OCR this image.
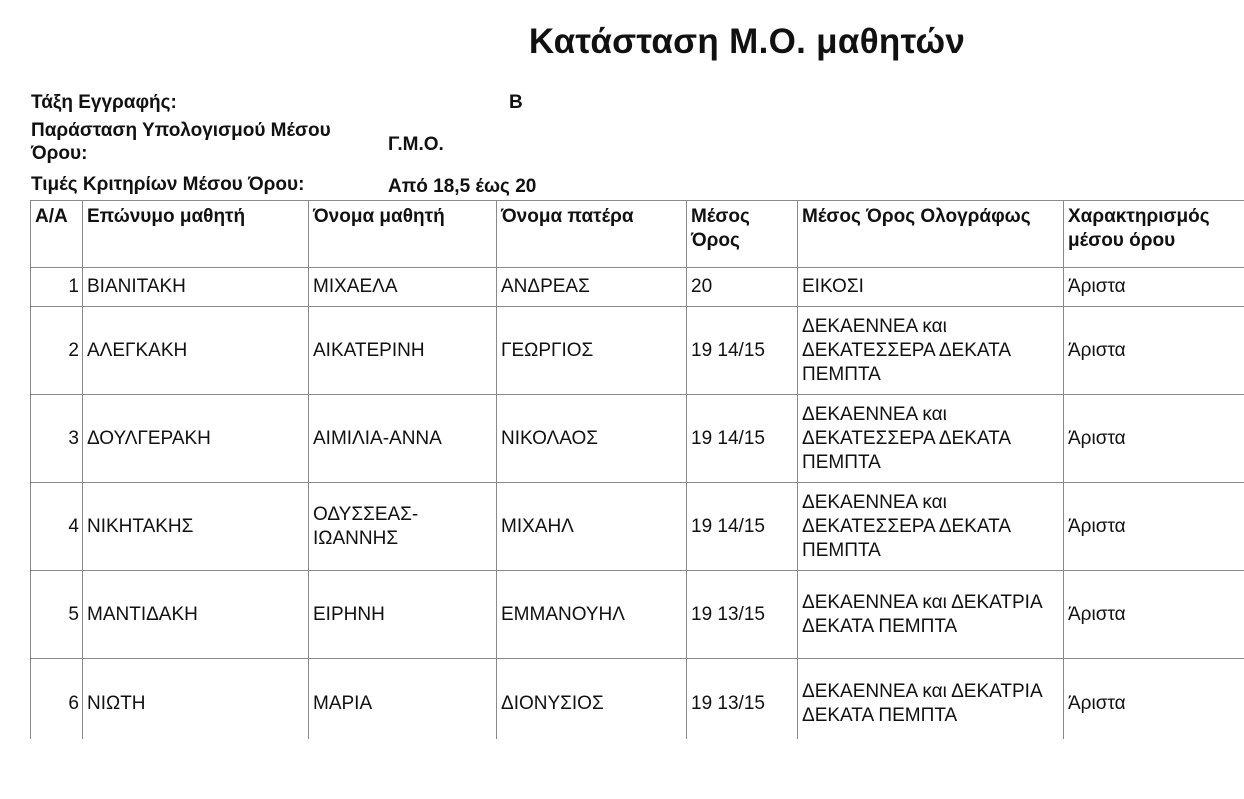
Κατάσταση Μ.Ο. μαθητών
Τάξη Εγγραφής:	Β
Παράσταση Υπολογισμού Μέσου Όρου:	Γ.Μ.Ο.
Τιμές Κριτηρίων Μέσου Όρου:	Από 18,5 έως 20
Α/Α	Επώνυμο μαθητή	Όνομα μαθητή	Όνομα πατέρα	Μέσος Όρος	Μέσος Όρος Ολογράφως	Χαρακτηρισμός μέσου όρου
1	ΒΙΑΝΙΤΑΚΗ	ΜΙΧΑΕΛΑ	ΑΝΔΡΕΑΣ	20	ΕΙΚΟΣΙ	Άριστα
2	ΑΛΕΓΚΑΚΗ	ΑΙΚΑΤΕΡΙΝΗ	ΓΕΩΡΓΙΟΣ	19 14/15	ΔΕΚΑΕΝΝΕΑ και ΔΕΚΑΤΕΣΣΕΡΑ ΔΕΚΑΤΑ ΠΕΜΠΤΑ	Άριστα
3	ΔΟΥΛΓΕΡΑΚΗ	ΑΙΜΙΛΙΑ-ΑΝΝΑ	ΝΙΚΟΛΑΟΣ	19 14/15	ΔΕΚΑΕΝΝΕΑ και ΔΕΚΑΤΕΣΣΕΡΑ ΔΕΚΑΤΑ ΠΕΜΠΤΑ	Άριστα
4	ΝΙΚΗΤΑΚΗΣ	ΟΔΥΣΣΕΑΣ-ΙΩΑΝΝΗΣ	ΜΙΧΑΗΛ	19 14/15	ΔΕΚΑΕΝΝΕΑ και ΔΕΚΑΤΕΣΣΕΡΑ ΔΕΚΑΤΑ ΠΕΜΠΤΑ	Άριστα
5	ΜΑΝΤΙΔΑΚΗ	ΕΙΡΗΝΗ	ΕΜΜΑΝΟΥΗΛ	19 13/15	ΔΕΚΑΕΝΝΕΑ και ΔΕΚΑΤΡΙΑ ΔΕΚΑΤΑ ΠΕΜΠΤΑ	Άριστα
6	ΝΙΩΤΗ	ΜΑΡΙΑ	ΔΙΟΝΥΣΙΟΣ	19 13/15	ΔΕΚΑΕΝΝΕΑ και ΔΕΚΑΤΡΙΑ ΔΕΚΑΤΑ ΠΕΜΠΤΑ	Άριστα
